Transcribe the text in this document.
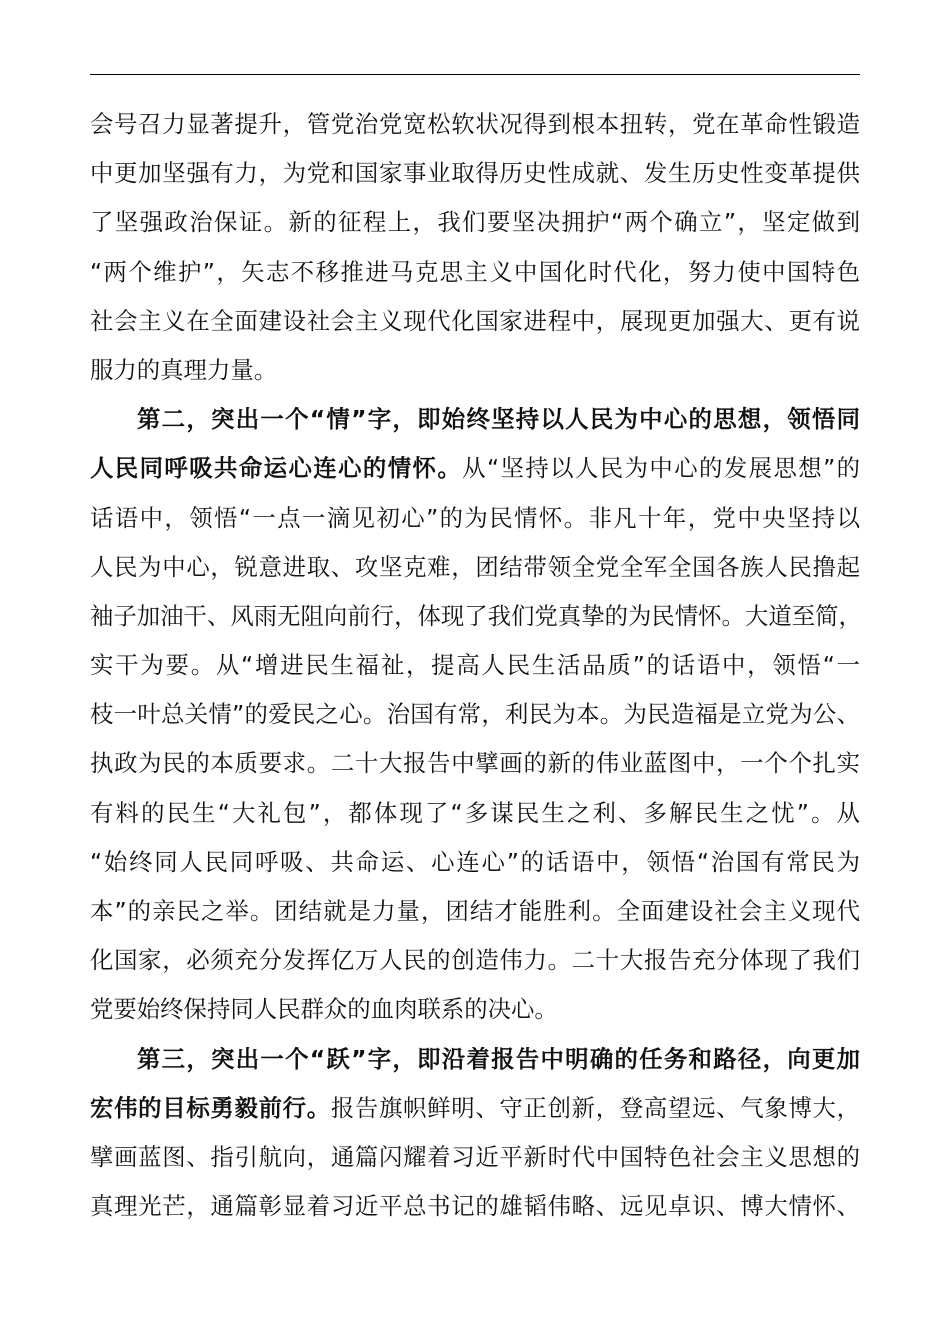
会号召力显著提升，管党治党宽松软状况得到根本扭转，党在革命性锻造
中更加坚强有力，为党和国家事业取得历史性成就、发生历史性变革提供
了坚强政治保证。新的征程上，我们要坚决拥护“两个确立”，坚定做到
“两个维护”，矢志不移推进马克思主义中国化时代化，努力使中国特色
社会主义在全面建设社会主义现代化国家进程中，展现更加强大、更有说
服力的真理力量。
第二，突出一个“情”字，即始终坚持以人民为中心的思想，领悟同
人民同呼吸共命运心连心的情怀。从“坚持以人民为中心的发展思想”的
话语中，领悟“一点一滴见初心”的为民情怀。非凡十年，党中央坚持以
人民为中心，锐意进取、攻坚克难，团结带领全党全军全国各族人民撸起
袖子加油干、风雨无阻向前行，体现了我们党真挚的为民情怀。大道至简，
实干为要。从“增进民生福祉，提高人民生活品质”的话语中，领悟“一
枝一叶总关情”的爱民之心。治国有常，利民为本。为民造福是立党为公、
执政为民的本质要求。二十大报告中擘画的新的伟业蓝图中，一个个扎实
有料的民生“大礼包”，都体现了“多谋民生之利、多解民生之忧”。从
“始终同人民同呼吸、共命运、心连心”的话语中，领悟“治国有常民为
本”的亲民之举。团结就是力量，团结才能胜利。全面建设社会主义现代
化国家，必须充分发挥亿万人民的创造伟力。二十大报告充分体现了我们
党要始终保持同人民群众的血肉联系的决心。
第三，突出一个“跃”字，即沿着报告中明确的任务和路径，向更加
宏伟的目标勇毅前行。报告旗帜鲜明、守正创新，登高望远、气象博大，
擘画蓝图、指引航向，通篇闪耀着习近平新时代中国特色社会主义思想的
真理光芒，通篇彰显着习近平总书记的雄韬伟略、远见卓识、博大情怀、
